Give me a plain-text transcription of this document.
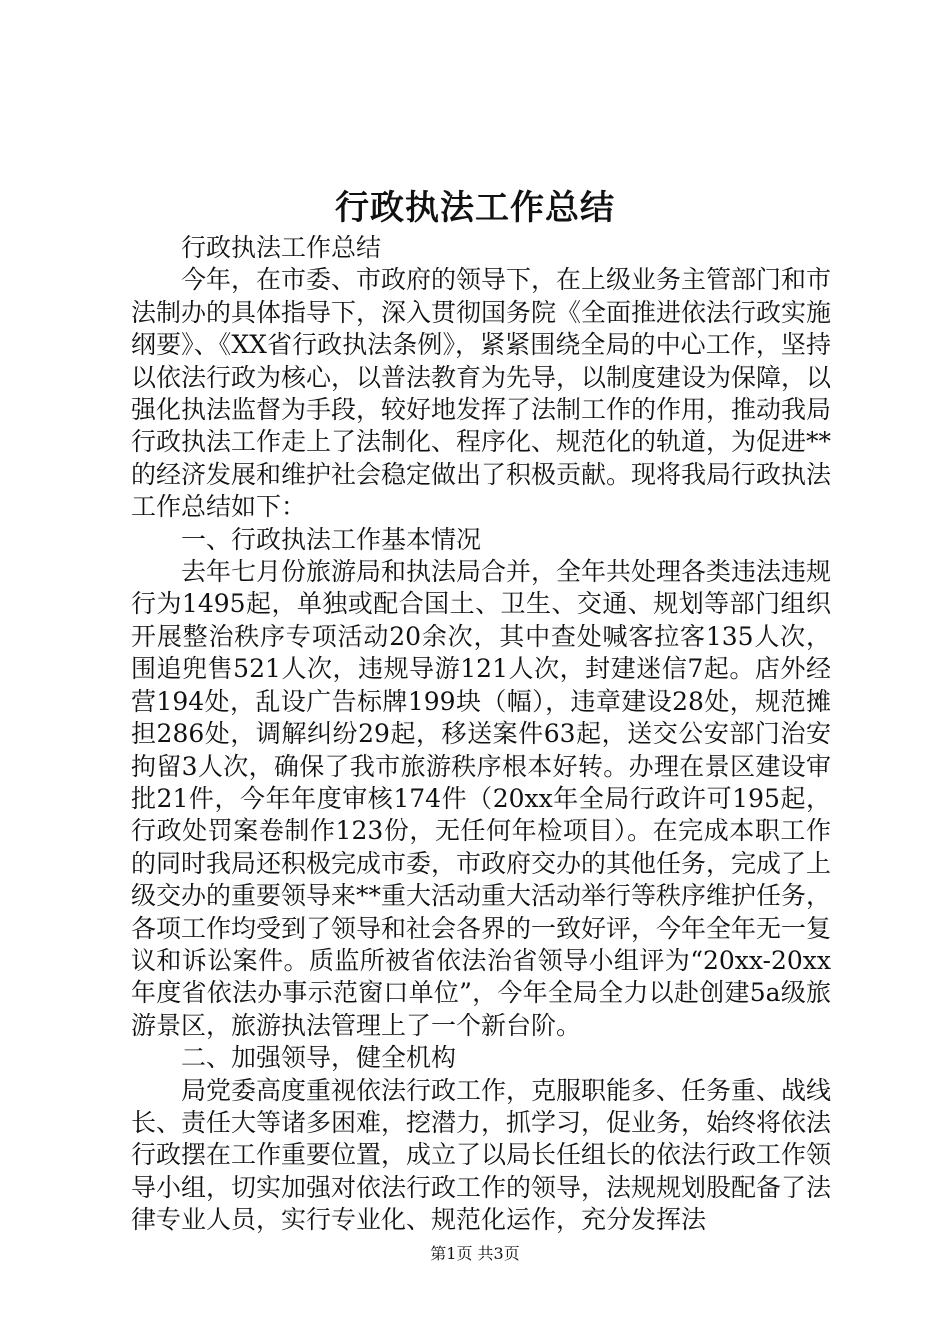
行政执法工作总结

行政执法工作总结

今年，在市委、市政府的领导下，在上级业务主管部门和市法制办的具体指导下，深入贯彻国务院《全面推进依法行政实施纲要》、《XX省行政执法条例》，紧紧围绕全局的中心工作，坚持以依法行政为核心，以普法教育为先导，以制度建设为保障，以强化执法监督为手段，较好地发挥了法制工作的作用，推动我局行政执法工作走上了法制化、程序化、规范化的轨道，为促进**的经济发展和维护社会稳定做出了积极贡献。现将我局行政执法工作总结如下：

一、行政执法工作基本情况

去年七月份旅游局和执法局合并，全年共处理各类违法违规行为1495起，单独或配合国土、卫生、交通、规划等部门组织开展整治秩序专项活动20余次，其中查处喊客拉客135人次，围追兜售521人次，违规导游121人次，封建迷信7起。店外经营194处，乱设广告标牌199块（幅），违章建设28处，规范摊担286处，调解纠纷29起，移送案件63起，送交公安部门治安拘留3人次，确保了我市旅游秩序根本好转。办理在景区建设审批21件，今年年度审核174件（20xx年全局行政许可195起，行政处罚案卷制作123份，无任何年检项目）。在完成本职工作的同时我局还积极完成市委，市政府交办的其他任务，完成了上级交办的重要领导来**重大活动重大活动举行等秩序维护任务，各项工作均受到了领导和社会各界的一致好评，今年全年无一复议和诉讼案件。质监所被省依法治省领导小组评为“20xx-20xx年度省依法办事示范窗口单位”，今年全局全力以赴创建5a级旅游景区，旅游执法管理上了一个新台阶。

二、加强领导，健全机构

局党委高度重视依法行政工作，克服职能多、任务重、战线长、责任大等诸多困难，挖潜力，抓学习，促业务，始终将依法行政摆在工作重要位置，成立了以局长任组长的依法行政工作领导小组，切实加强对依法行政工作的领导，法规规划股配备了法律专业人员，实行专业化、规范化运作，充分发挥法

第1页 共3页
